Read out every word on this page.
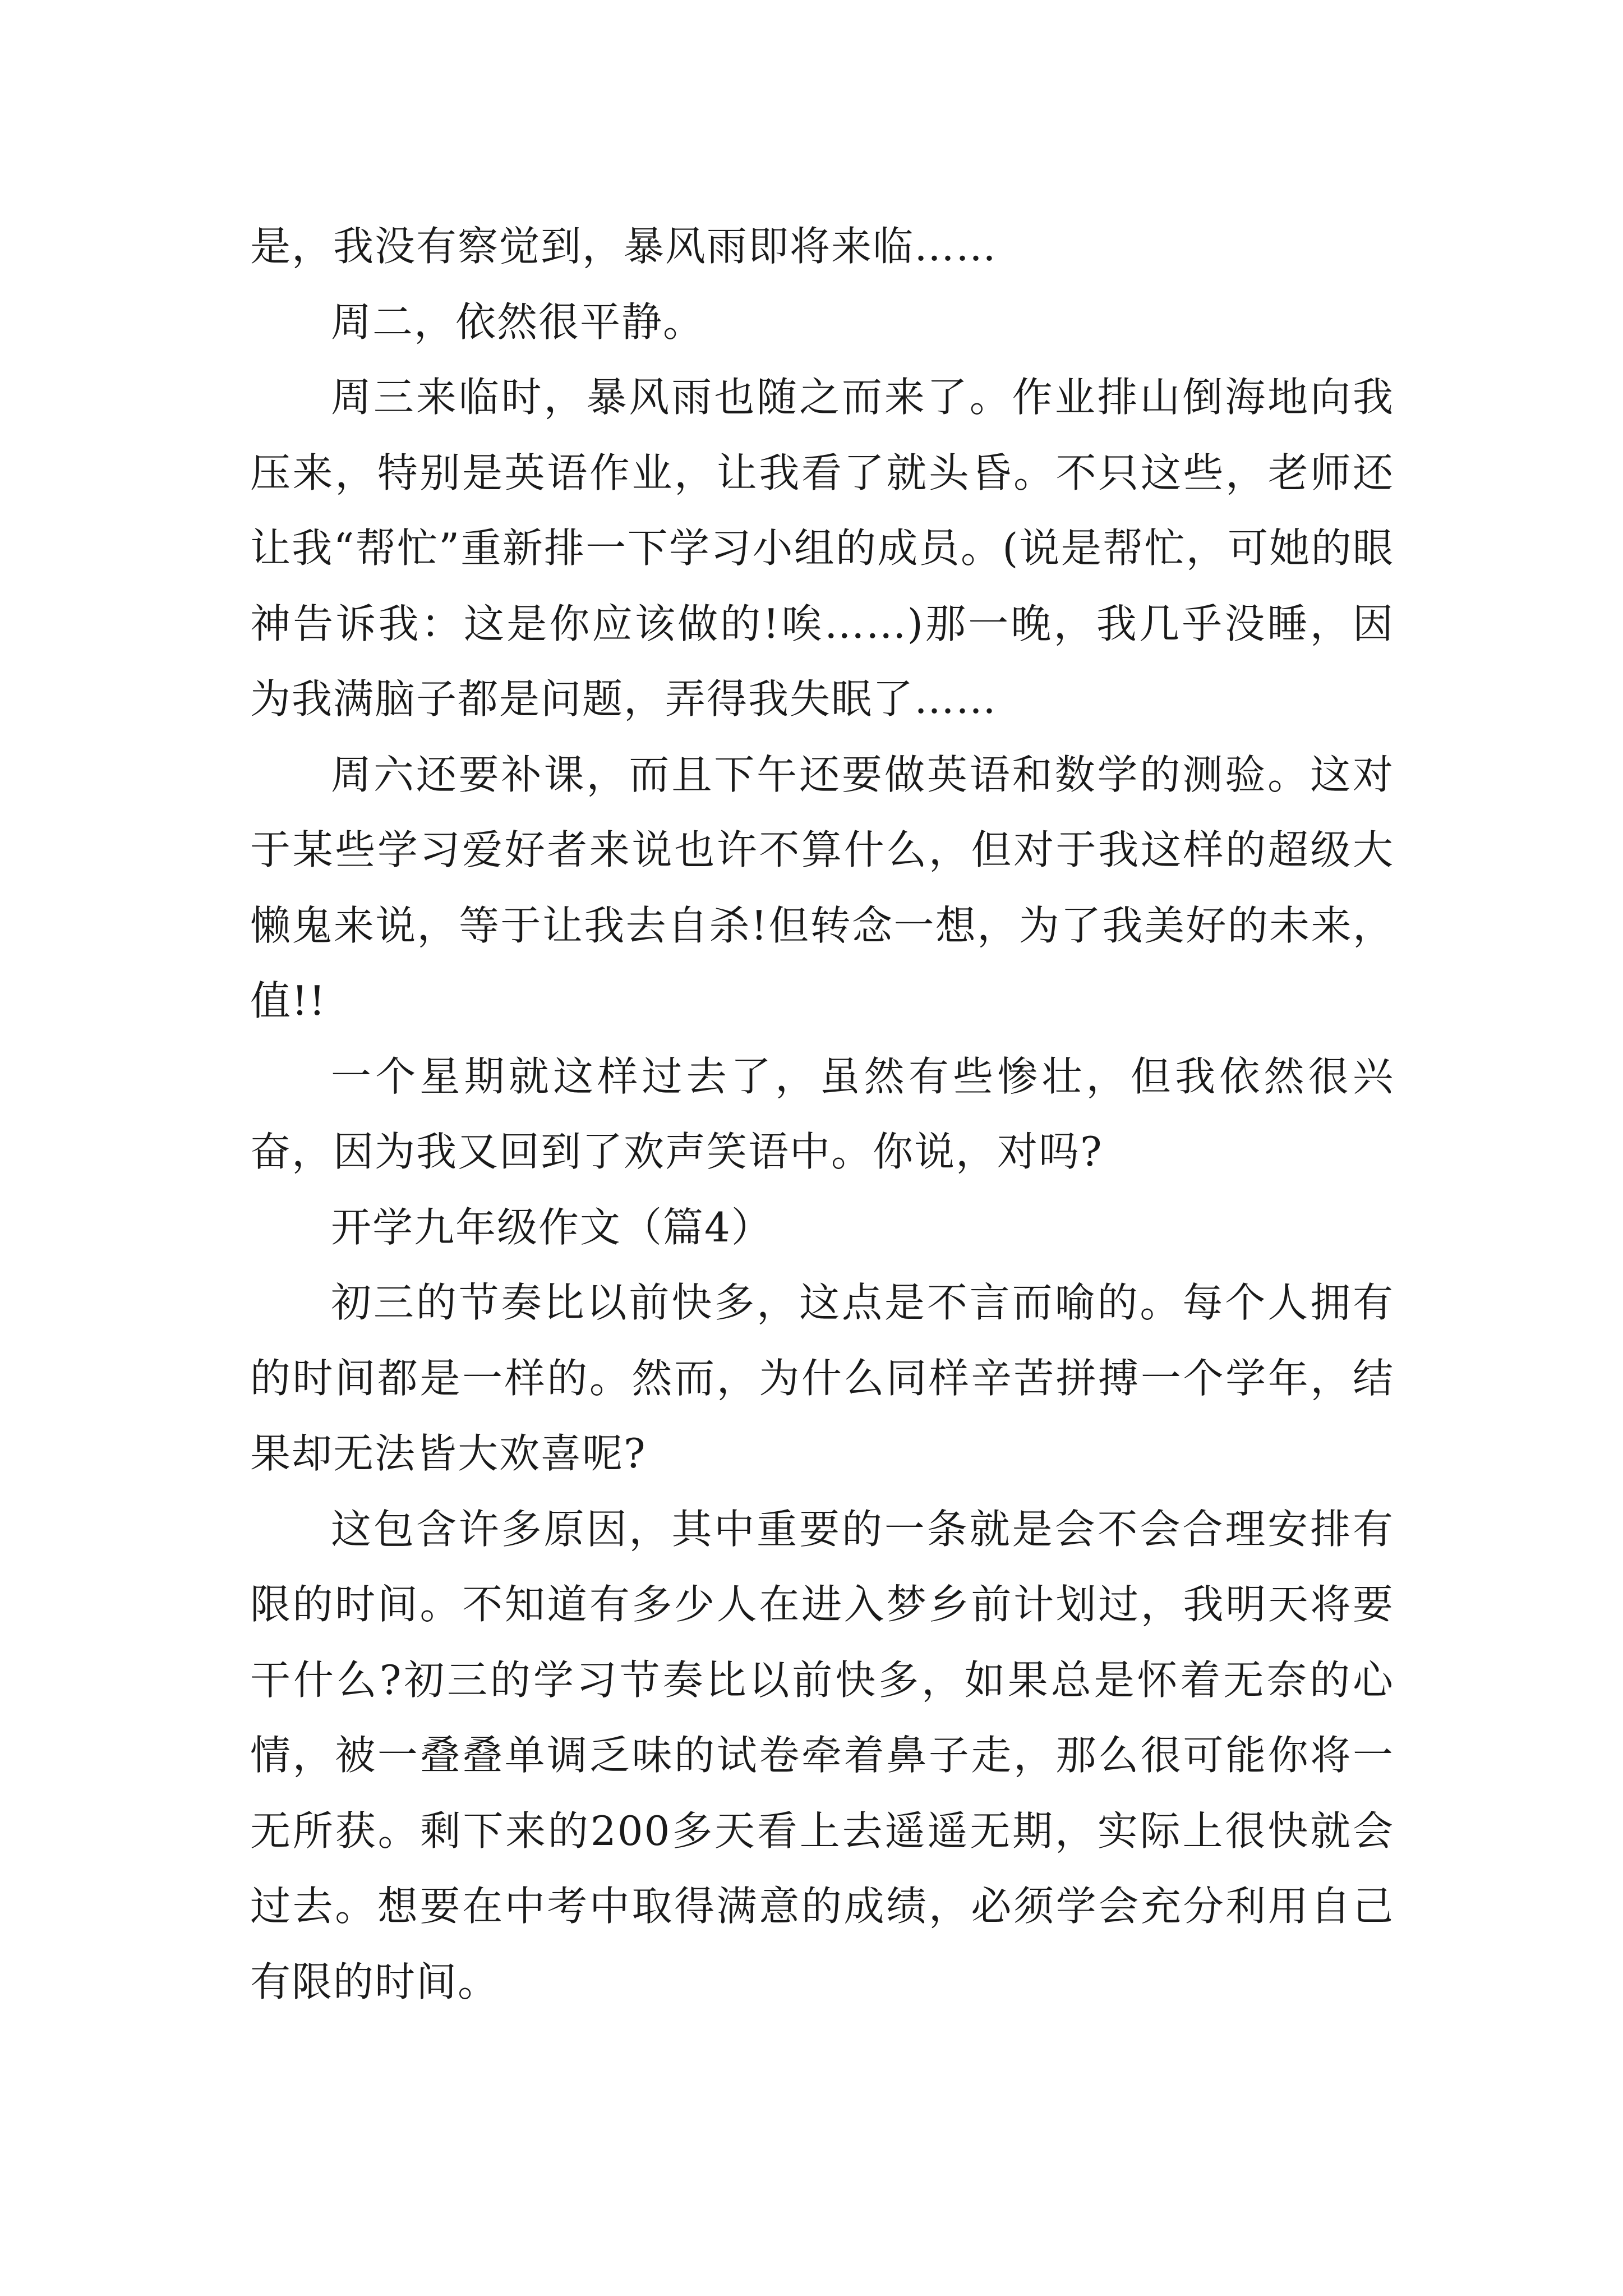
是，我没有察觉到，暴风雨即将来临……

周二，依然很平静。

周三来临时，暴风雨也随之而来了。作业排山倒海地向我压来，特别是英语作业，让我看了就头昏。不只这些，老师还让我“帮忙”重新排一下学习小组的成员。(说是帮忙，可她的眼神告诉我：这是你应该做的!唉……)那一晚，我几乎没睡，因为我满脑子都是问题，弄得我失眠了……

周六还要补课，而且下午还要做英语和数学的测验。这对于某些学习爱好者来说也许不算什么，但对于我这样的超级大懒鬼来说，等于让我去自杀!但转念一想，为了我美好的未来，值!!

一个星期就这样过去了，虽然有些惨壮，但我依然很兴奋，因为我又回到了欢声笑语中。你说，对吗?

开学九年级作文（篇4）

初三的节奏比以前快多，这点是不言而喻的。每个人拥有的时间都是一样的。然而，为什么同样辛苦拼搏一个学年，结果却无法皆大欢喜呢?

这包含许多原因，其中重要的一条就是会不会合理安排有限的时间。不知道有多少人在进入梦乡前计划过，我明天将要干什么?初三的学习节奏比以前快多，如果总是怀着无奈的心情，被一叠叠单调乏味的试卷牵着鼻子走，那么很可能你将一无所获。剩下来的200多天看上去遥遥无期，实际上很快就会过去。想要在中考中取得满意的成绩，必须学会充分利用自己有限的时间。
